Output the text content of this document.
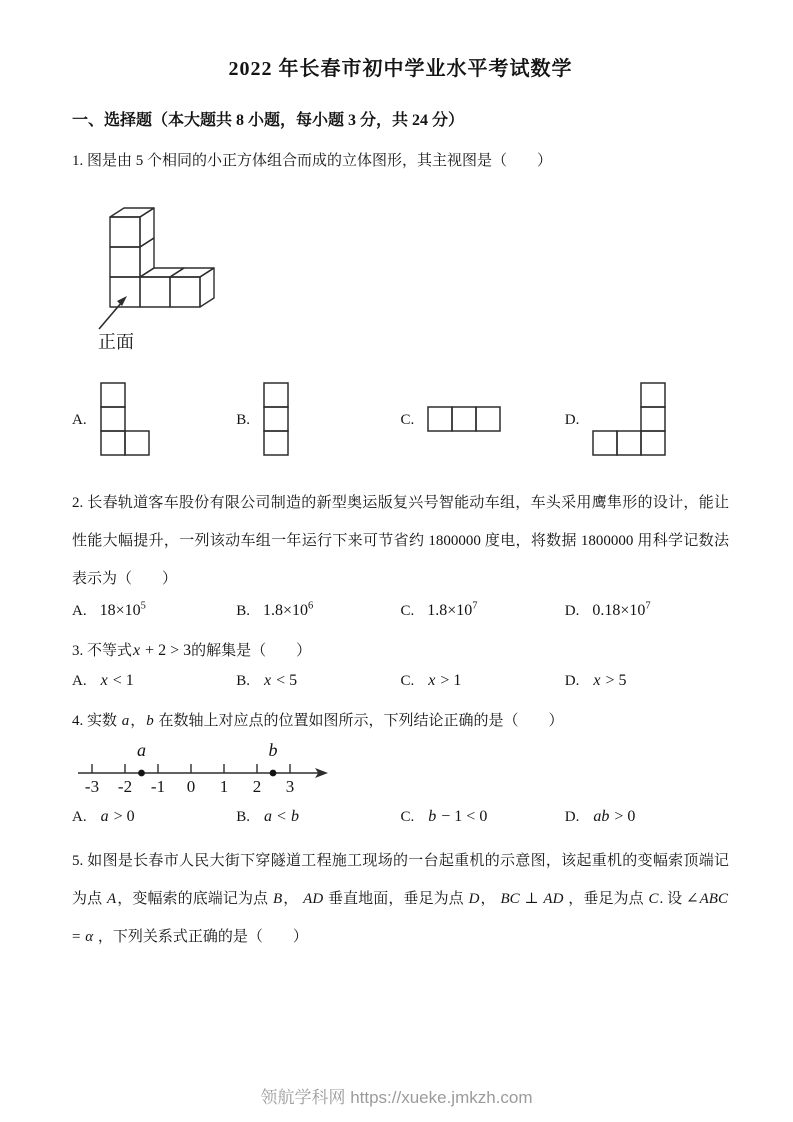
2022 年长春市初中学业水平考试数学
一、选择题（本大题共 8 小题，每小题 3 分，共 24 分）

1. 图是由 5 个相同的小正方体组合而成的立体图形，其主视图是（　　）

正面
A.	B.	C.	D.

2. 长春轨道客车股份有限公司制造的新型奥运版复兴号智能动车组，车头采用鹰隼形的设计，能让性能大幅提升，一列该动车组一年运行下来可节省约 1800000 度电，将数据 1800000 用科学记数法表示为（　　）

A. $18\times 10^5$	B. $1.8\times 10^6$	C. $1.8\times 10^7$	D. $0.18\times 10^7$

3. 不等式x + 2 > 3的解集是（　　）

A. x < 1	B. x < 5	C. x > 1	D. x > 5

4. 实数 a，b 在数轴上对应点的位置如图所示，下列结论正确的是（　　）

-3 -2 -1 0 1 2 3
a	b
A. a > 0	B. a < b	C. b − 1 < 0	D. ab > 0

5. 如图是长春市人民大街下穿隧道工程施工现场的一台起重机的示意图，该起重机的变幅索顶端记为点 A，变幅索的底端记为点 B， AD 垂直地面，垂足为点 D， BC ⊥ AD ，垂足为点 C. 设 ∠ABC = α ，下列关系式正确的是（　　）

领航学科网 https://xueke.jmkzh.com
